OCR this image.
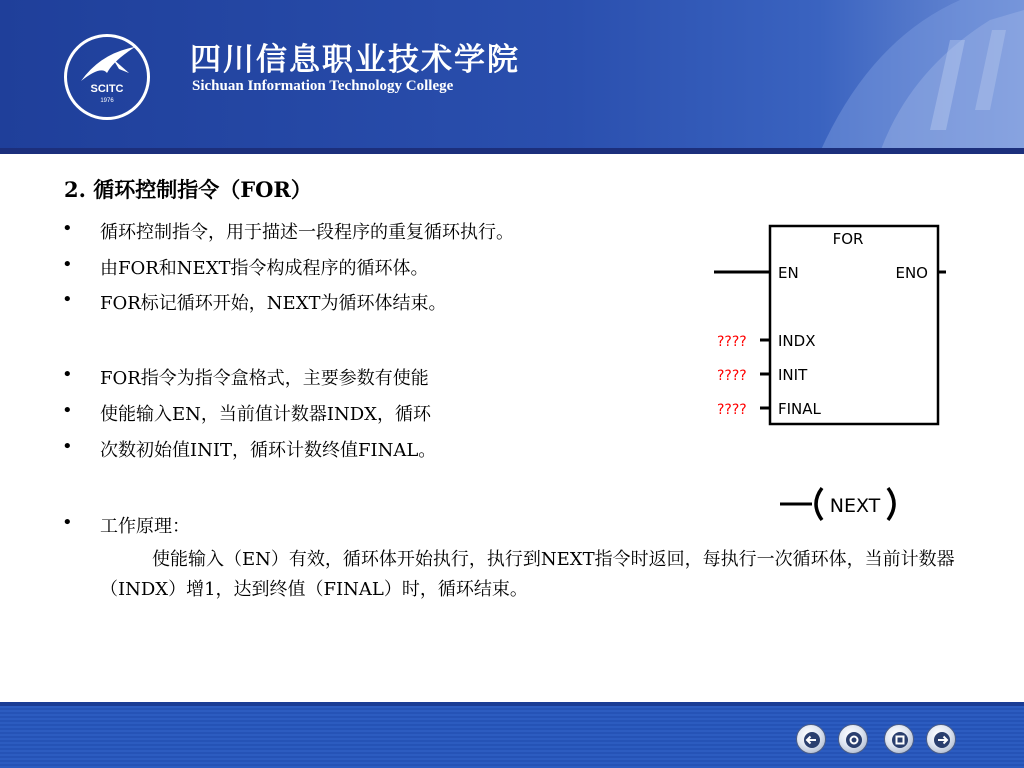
SCITC
1976
四川信息职业技术学院
Sichuan Information Technology College
2. 循环控制指令（FOR）
• 循环控制指令，用于描述一段程序的重复循环执行。
• 由FOR和NEXT指令构成程序的循环体。
• FOR标记循环开始，NEXT为循环体结束。
• FOR指令为指令盒格式，主要参数有使能
• 使能输入EN，当前值计数器INDX，循环
• 次数初始值INIT，循环计数终值FINAL。
• 工作原理：
使能输入（EN）有效，循环体开始执行，执行到NEXT指令时返回，每执行一次循环体，当前计数器（INDX）增1，达到终值（FINAL）时，循环结束。
FOR
EN	ENO
INDX
INIT
FINAL
????
????
????
NEXT
